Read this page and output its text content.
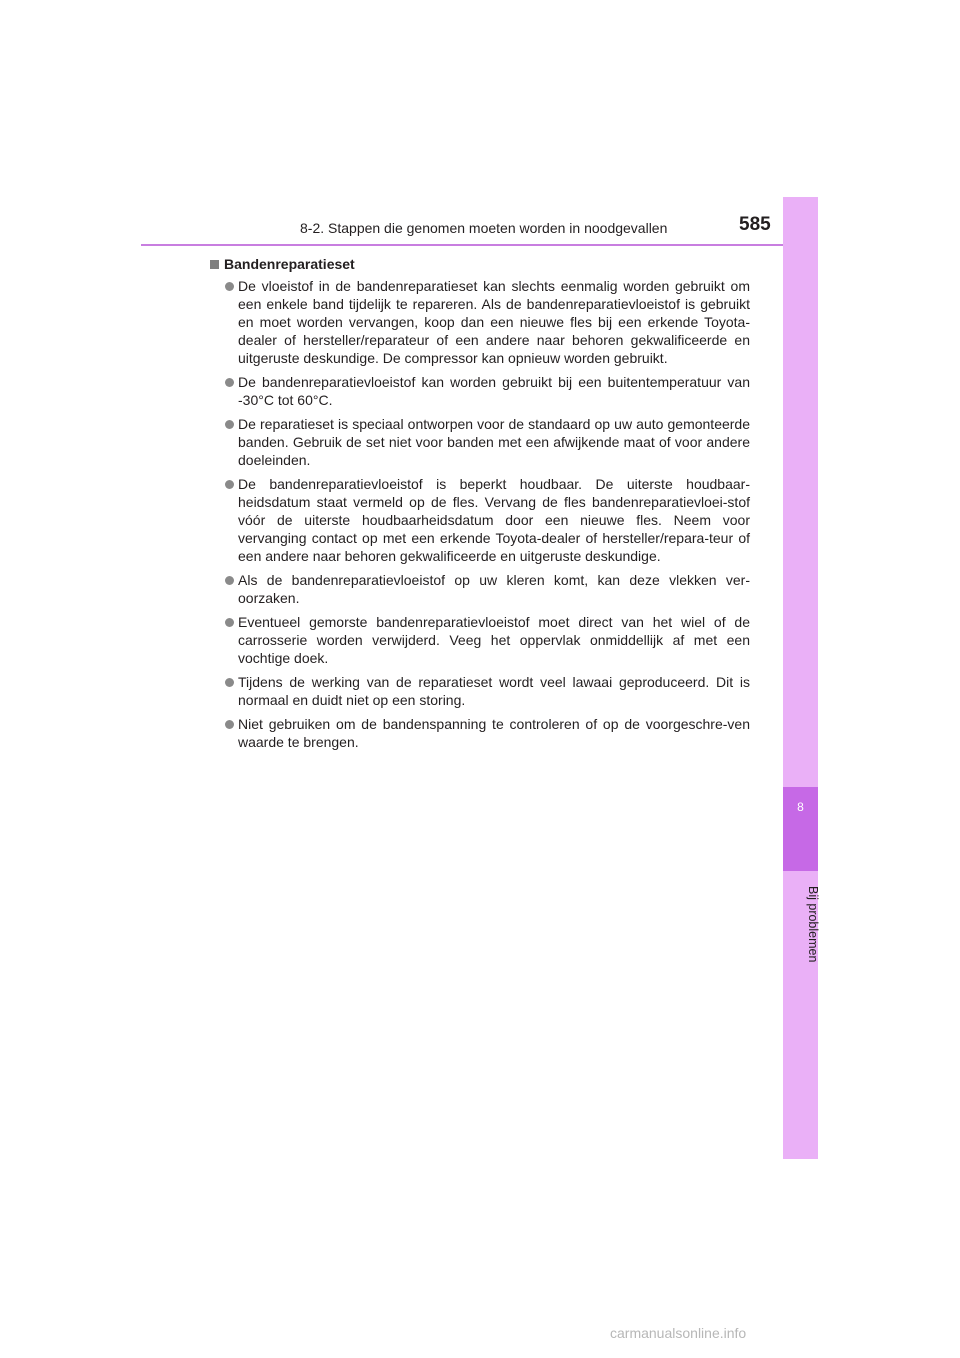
8-2. Stappen die genomen moeten worden in noodgevallen	585
8
Bij problemen
Bandenreparatieset
De vloeistof in de bandenreparatieset kan slechts eenmalig worden gebruikt om een enkele band tijdelijk te repareren. Als de bandenreparatievloeistof is gebruikt en moet worden vervangen, koop dan een nieuwe fles bij een erkende Toyota-dealer of hersteller/reparateur of een andere naar behoren gekwalificeerde en uitgeruste deskundige. De compressor kan opnieuw worden gebruikt.
De bandenreparatievloeistof kan worden gebruikt bij een buitentemperatuur van -30°C tot 60°C.
De reparatieset is speciaal ontworpen voor de standaard op uw auto gemonteerde banden. Gebruik de set niet voor banden met een afwijkende maat of voor andere doeleinden.
De bandenreparatievloeistof is beperkt houdbaar. De uiterste houdbaar-heidsdatum staat vermeld op de fles. Vervang de fles bandenreparatievloei-stof vóór de uiterste houdbaarheidsdatum door een nieuwe fles. Neem voor vervanging contact op met een erkende Toyota-dealer of hersteller/repara-teur of een andere naar behoren gekwalificeerde en uitgeruste deskundige.
Als de bandenreparatievloeistof op uw kleren komt, kan deze vlekken ver-oorzaken.
Eventueel gemorste bandenreparatievloeistof moet direct van het wiel of de carrosserie worden verwijderd. Veeg het oppervlak onmiddellijk af met een vochtige doek.
Tijdens de werking van de reparatieset wordt veel lawaai geproduceerd. Dit is normaal en duidt niet op een storing.
Niet gebruiken om de bandenspanning te controleren of op de voorgeschre-ven waarde te brengen.
carmanualsonline.info
